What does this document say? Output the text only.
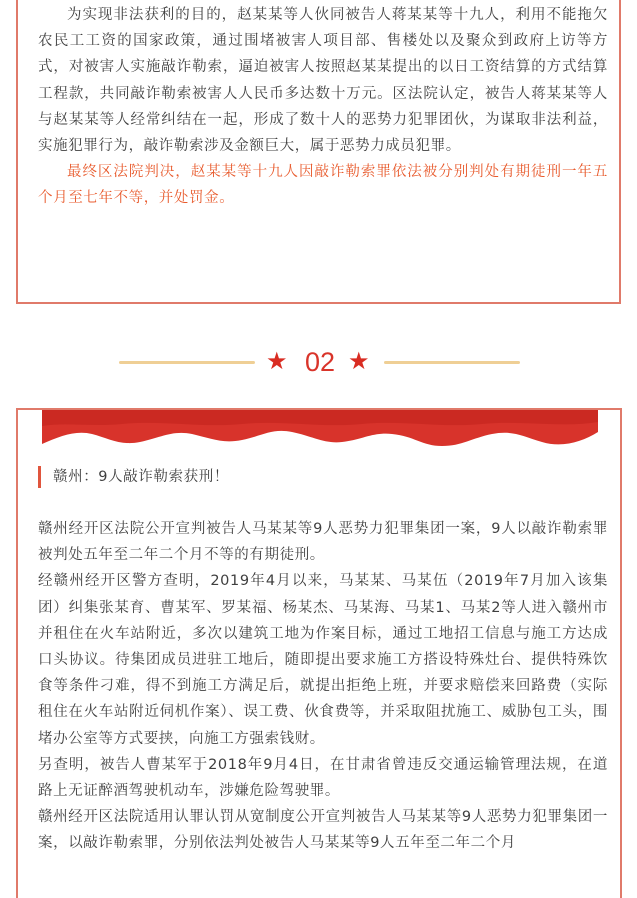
为实现非法获利的目的，赵某某等人伙同被告人蒋某某等十九人，利用不能拖欠农民工工资的国家政策，通过围堵被害人项目部、售楼处以及聚众到政府上访等方式，对被害人实施敲诈勒索，逼迫被害人按照赵某某提出的以日工资结算的方式结算工程款，共同敲诈勒索被害人人民币多达数十万元。区法院认定，被告人蒋某某等人与赵某某等人经常纠结在一起，形成了数十人的恶势力犯罪团伙，为谋取非法利益，实施犯罪行为，敲诈勒索涉及金额巨大，属于恶势力成员犯罪。

最终区法院判决，赵某某等十九人因敲诈勒索罪依法被分别判处有期徒刑一年五个月至七年不等，并处罚金。

★ 02 ★
赣州：9人敲诈勒索获刑！

赣州经开区法院公开宣判被告人马某某等9人恶势力犯罪集团一案，9人以敲诈勒索罪被判处五年至二年二个月不等的有期徒刑。

经赣州经开区警方查明，2019年4月以来，马某某、马某伍（2019年7月加入该集团）纠集张某育、曹某军、罗某福、杨某杰、马某海、马某1、马某2等人进入赣州市并租住在火车站附近，多次以建筑工地为作案目标，通过工地招工信息与施工方达成口头协议。待集团成员进驻工地后，随即提出要求施工方搭设特殊灶台、提供特殊饮食等条件刁难，得不到施工方满足后，就提出拒绝上班，并要求赔偿来回路费（实际租住在火车站附近伺机作案）、误工费、伙食费等，并采取阻扰施工、威胁包工头，围堵办公室等方式要挟，向施工方强索钱财。

另查明，被告人曹某军于2018年9月4日，在甘肃省曾违反交通运输管理法规，在道路上无证醉酒驾驶机动车，涉嫌危险驾驶罪。

赣州经开区法院适用认罪认罚从宽制度公开宣判被告人马某某等9人恶势力犯罪集团一案，以敲诈勒索罪，分别依法判处被告人马某某等9人五年至二年二个月
